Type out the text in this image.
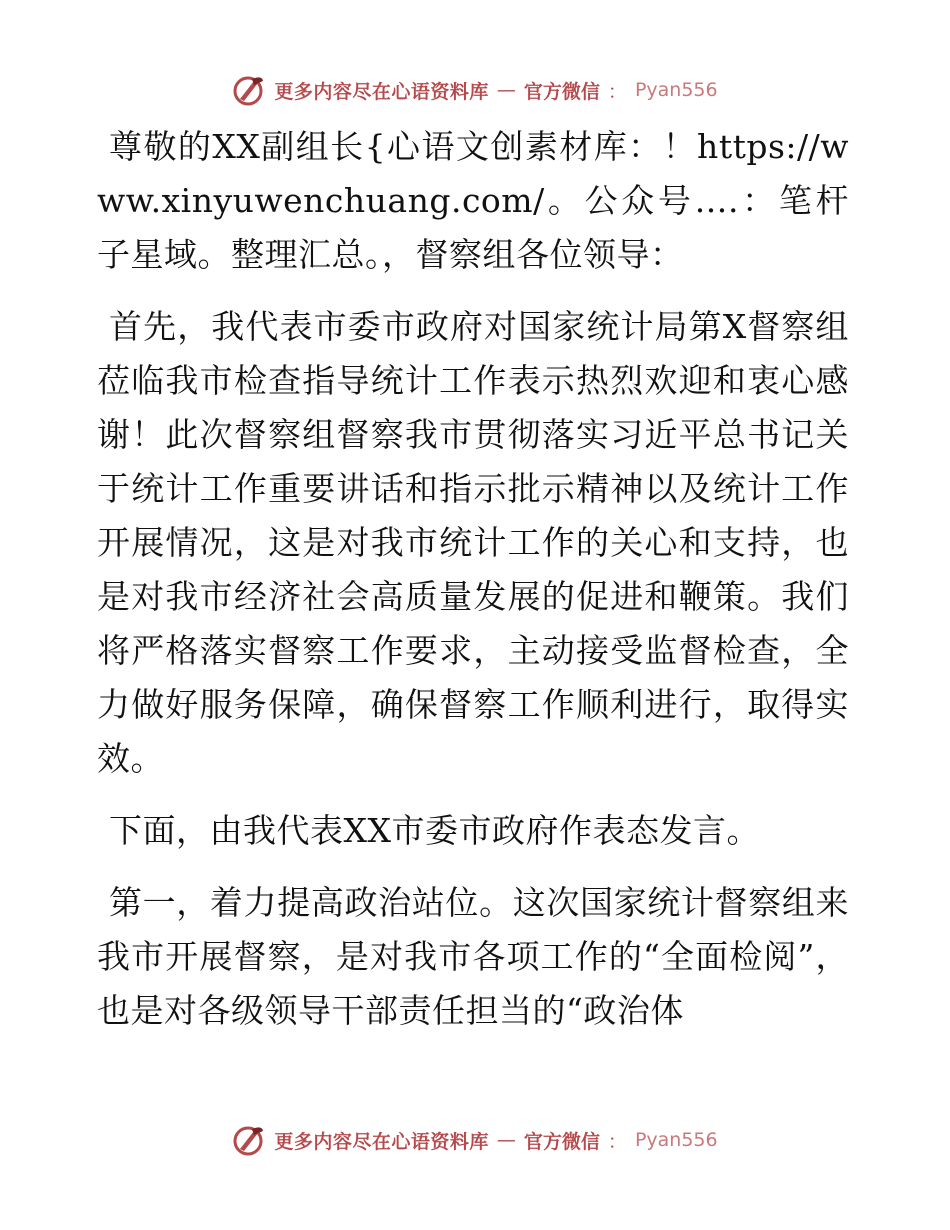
更多内容尽在心语资料库 — 官方微信 ： Pyan556

尊敬的XX副组长{心语文创素材库：！https://www.xinyuwenchuang.com/。公众号….：笔杆子星域。整理汇总。，督察组各位领导：

首先，我代表市委市政府对国家统计局第X督察组莅临我市检查指导统计工作表示热烈欢迎和衷心感谢！此次督察组督察我市贯彻落实习近平总书记关于统计工作重要讲话和指示批示精神以及统计工作开展情况，这是对我市统计工作的关心和支持，也是对我市经济社会高质量发展的促进和鞭策。我们将严格落实督察工作要求，主动接受监督检查，全力做好服务保障，确保督察工作顺利进行，取得实效。

下面，由我代表XX市委市政府作表态发言。

第一，着力提高政治站位。这次国家统计督察组来我市开展督察，是对我市各项工作的“全面检阅”，也是对各级领导干部责任担当的“政治体

更多内容尽在心语资料库 — 官方微信 ： Pyan556
